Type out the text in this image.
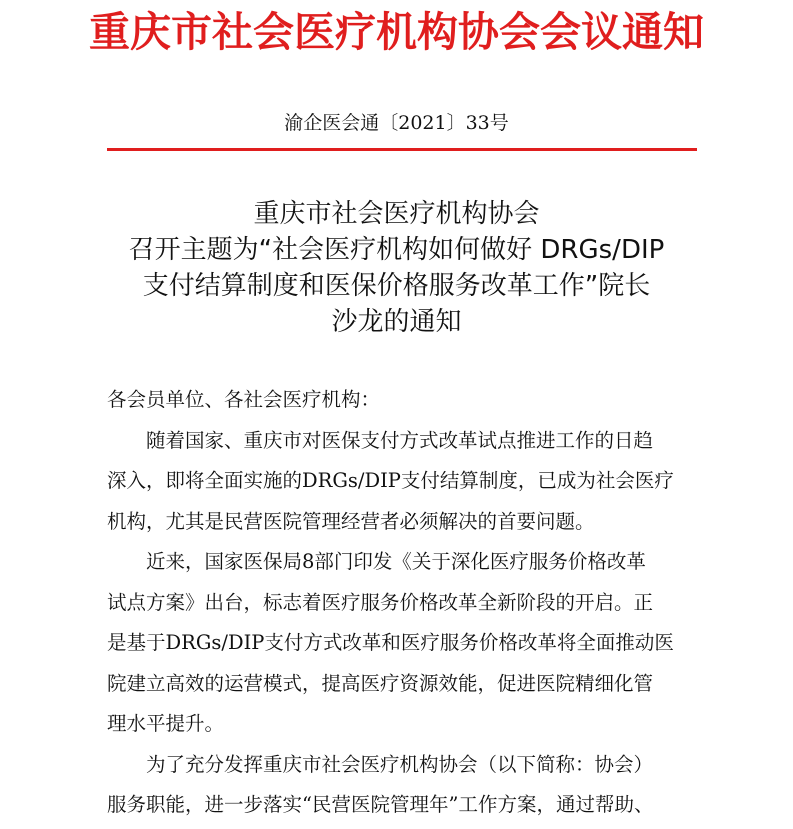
重庆市社会医疗机构协会会议通知
渝企医会通〔2021〕33号
重庆市社会医疗机构协会
召开主题为“社会医疗机构如何做好 DRGs/DIP
支付结算制度和医保价格服务改革工作”院长
沙龙的通知
各会员单位、各社会医疗机构：
随着国家、重庆市对医保支付方式改革试点推进工作的日趋
深入，即将全面实施的DRGs/DIP支付结算制度，已成为社会医疗
机构，尤其是民营医院管理经营者必须解决的首要问题。
近来，国家医保局8部门印发《关于深化医疗服务价格改革
试点方案》出台，标志着医疗服务价格改革全新阶段的开启。正
是基于DRGs/DIP支付方式改革和医疗服务价格改革将全面推动医
院建立高效的运营模式，提高医疗资源效能，促进医院精细化管
理水平提升。
为了充分发挥重庆市社会医疗机构协会（以下简称：协会）
服务职能，进一步落实“民营医院管理年”工作方案，通过帮助、
